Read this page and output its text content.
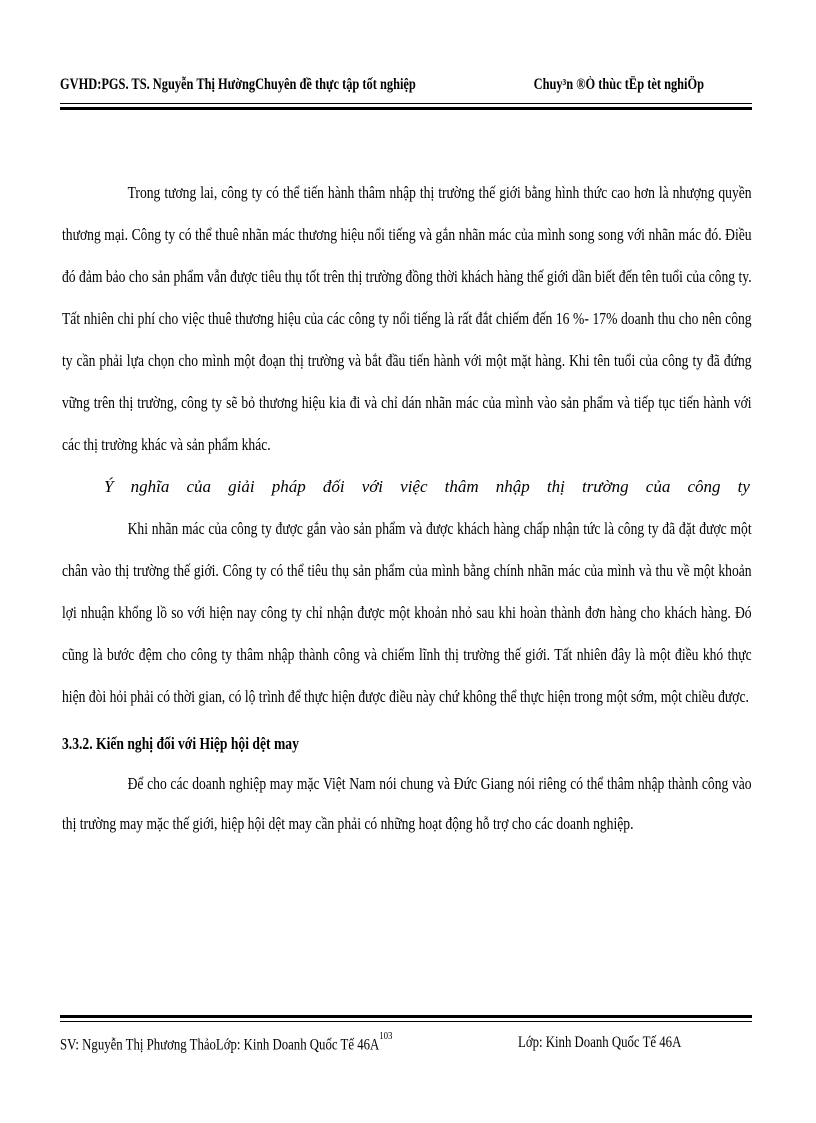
GVHD:PGS. TS. Nguyễn Thị HườngChuyên đề thực tập tốt nghiệp	Chuy³n ®Ò thùc tËp tèt nghiÖp

Trong tương lai, công ty có thể tiến hành thâm nhập thị trường thế giới bằng hình thức cao hơn là nhượng quyền thương mại. Công ty có thể thuê nhãn mác thương hiệu nổi tiếng và gắn nhãn mác của mình song song với nhãn mác đó. Điều đó đảm bảo cho sản phẩm vẫn được tiêu thụ tốt trên thị trường đồng thời khách hàng thế giới dần biết đến tên tuổi của công ty. Tất nhiên chi phí cho việc thuê thương hiệu của các công ty nổi tiếng là rất đắt chiếm đến 16 %- 17% doanh thu cho nên công ty cần phải lựa chọn cho mình một đoạn thị trường và bắt đầu tiến hành với một mặt hàng. Khi tên tuổi của công ty đã đứng vững trên thị trường, công ty sẽ bỏ thương hiệu kia đi và chỉ dán nhãn mác của mình vào sản phẩm và tiếp tục tiến hành với các thị trường khác và sản phẩm khác.

Ý nghĩa của giải pháp đối với việc thâm nhập thị trường của công ty

Khi nhãn mác của công ty được gắn vào sản phẩm và được khách hàng chấp nhận tức là công ty đã đặt được một chân vào thị trường thế giới. Công ty có thể tiêu thụ sản phẩm của mình bằng chính nhãn mác của mình và thu về một khoản lợi nhuận khổng lồ so với hiện nay công ty chỉ nhận được một khoản nhỏ sau khi hoàn thành đơn hàng cho khách hàng. Đó cũng là bước đệm cho công ty thâm nhập thành công và chiếm lĩnh thị trường thế giới. Tất nhiên đây là một điều khó thực hiện đòi hỏi phải có thời gian, có lộ trình để thực hiện được điều này chứ không thể thực hiện trong một sớm, một chiều được.

3.3.2. Kiến nghị đối với Hiệp hội dệt may

Để cho các doanh nghiệp may mặc Việt Nam nói chung và Đức Giang nói riêng có thể thâm nhập thành công vào thị trường may mặc thế giới, hiệp hội dệt may cần phải có những hoạt động hỗ trợ cho các doanh nghiệp.

SV: Nguyễn Thị Phương ThảoLớp: Kinh Doanh Quốc Tế $46A^{103}$	Lớp: Kinh Doanh Quốc Tế 46A
